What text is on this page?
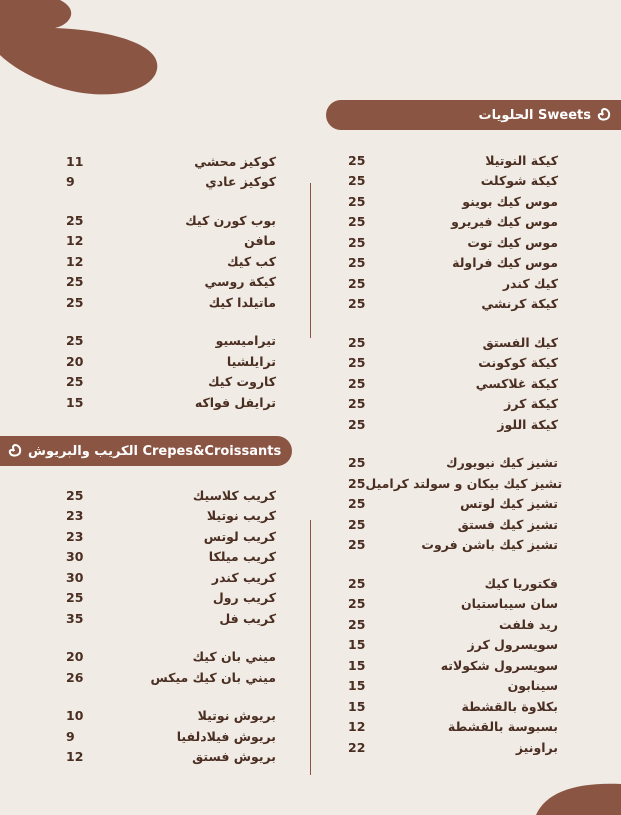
الحلويات Sweets
الكريب والبريوش Crepes&Croissants
25	كيكة النوتيلا
25	كيكة شوكلت
25	موس كيك بوينو
25	موس كيك فيريرو
25	موس كيك توت
25	موس كيك فراولة
25	كيك كندر
25	كيكة كرنشي
25	كيك الفستق
25	كيكة كوكونت
25	كيكة غلاكسي
25	كيكة كرز
25	كيكة اللوز
25	تشيز كيك نيويورك
25 تشيز كيك بيكان و سولتد كراميل
25	تشيز كيك لوتس
25	تشيز كيك فستق
25	تشيز كيك باشن فروت
25	فكتوريا كيك
25	سان سيباستيان
25	ريد فلفت
15	سويسرول كرز
15	سويسرول شكولاته
15	سينابون
15	بكلاوة بالقشطة
12	بسبوسة بالقشطة
22	براونيز
11	كوكيز محشي
9	كوكيز عادي
25	بوب كورن كيك
12	مافن
12	كب كيك
25	كيكة روسي
25	ماتيلدا كيك
25	تيراميسيو
20	ترايلشيا
25	كاروت كيك
15	ترايفل فواكه
25	كريب كلاسيك
23	كريب نوتيلا
23	كريب لوتس
30	كريب ميلكا
30	كريب كندر
25	كريب رول
35	كريب فل
20	ميني بان كيك
26	ميني بان كيك ميكس
10	بريوش نوتيلا
9	بريوش فيلادلفيا
12	بريوش فستق
